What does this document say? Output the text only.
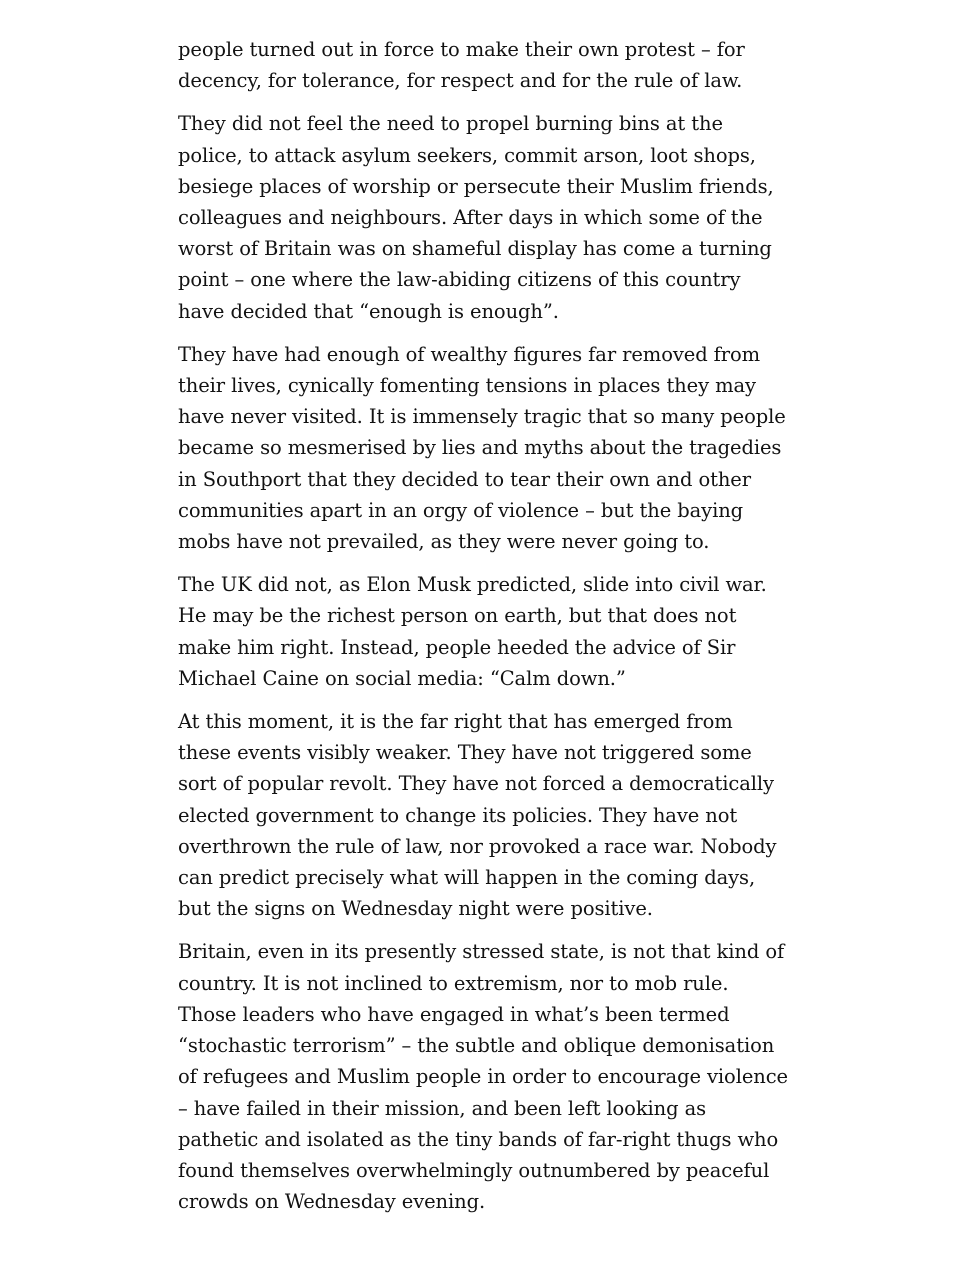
people turned out in force to make their own protest – for decency, for tolerance, for respect and for the rule of law.

They did not feel the need to propel burning bins at the police, to attack asylum seekers, commit arson, loot shops, besiege places of worship or persecute their Muslim friends, colleagues and neighbours. After days in which some of the worst of Britain was on shameful display has come a turning point – one where the law-abiding citizens of this country have decided that “enough is enough”.

They have had enough of wealthy figures far removed from their lives, cynically fomenting tensions in places they may have never visited. It is immensely tragic that so many people became so mesmerised by lies and myths about the tragedies in Southport that they decided to tear their own and other communities apart in an orgy of violence – but the baying mobs have not prevailed, as they were never going to.

The UK did not, as Elon Musk predicted, slide into civil war. He may be the richest person on earth, but that does not make him right. Instead, people heeded the advice of Sir Michael Caine on social media: “Calm down.”

At this moment, it is the far right that has emerged from these events visibly weaker. They have not triggered some sort of popular revolt. They have not forced a democratically elected government to change its policies. They have not overthrown the rule of law, nor provoked a race war. Nobody can predict precisely what will happen in the coming days, but the signs on Wednesday night were positive.

Britain, even in its presently stressed state, is not that kind of country. It is not inclined to extremism, nor to mob rule. Those leaders who have engaged in what’s been termed “stochastic terrorism” – the subtle and oblique demonisation of refugees and Muslim people in order to encourage violence – have failed in their mission, and been left looking as pathetic and isolated as the tiny bands of far-right thugs who found themselves overwhelmingly outnumbered by peaceful crowds on Wednesday evening.
